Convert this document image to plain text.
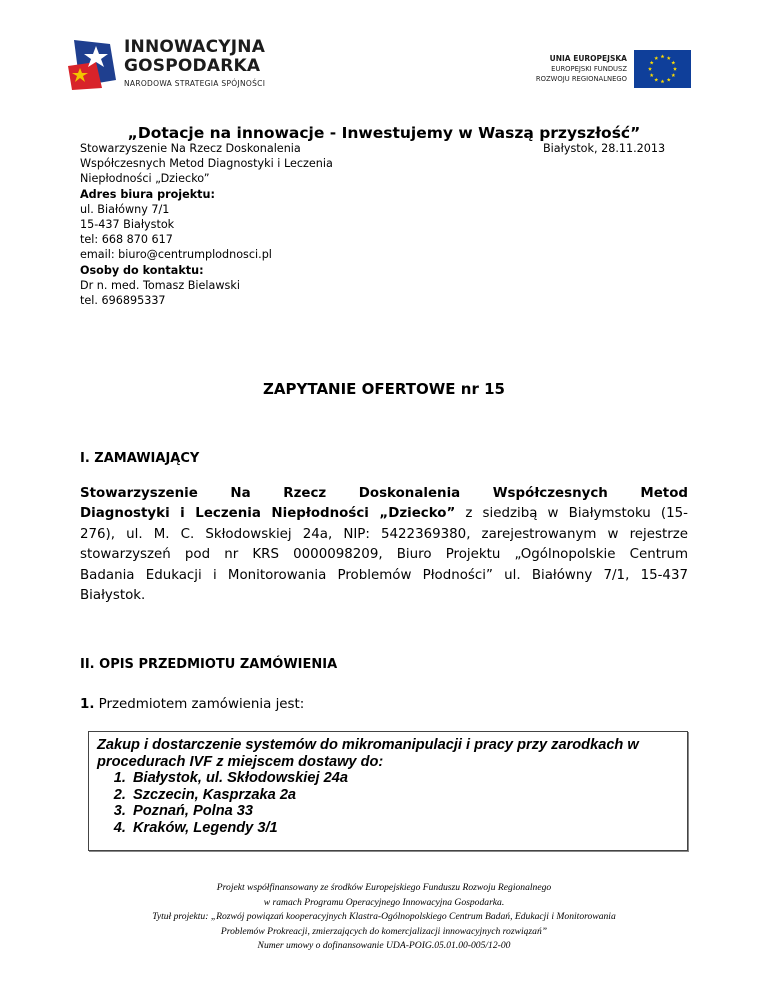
INNOWACYJNA
GOSPODARKA
NARODOWA STRATEGIA SPÓJNOŚCI
UNIA EUROPEJSKA
EUROPEJSKI FUNDUSZ
ROZWOJU REGIONALNEGO
„Dotacje na innowacje - Inwestujemy w Waszą przyszłość”
Stowarzyszenie Na Rzecz Doskonalenia
Współczesnych Metod Diagnostyki i Leczenia
Niepłodności „Dziecko”
Adres biura projektu:
ul. Białówny 7/1
15-437 Białystok
tel: 668 870 617
email: biuro@centrumplodnosci.pl
Osoby do kontaktu:
Dr n. med. Tomasz Bielawski
tel. 696895337
Białystok, 28.11.2013
ZAPYTANIE OFERTOWE nr 15
I. ZAMAWIAJĄCY

Stowarzyszenie Na Rzecz Doskonalenia Współczesnych Metod
Diagnostyki i Leczenia Niepłodności „Dziecko” z siedzibą w Białymstoku (15-
276), ul. M. C. Skłodowskiej 24a, NIP: 5422369380, zarejestrowanym w rejestrze
stowarzyszeń pod nr KRS 0000098209, Biuro Projektu „Ogólnopolskie Centrum
Badania Edukacji i Monitorowania Problemów Płodności” ul. Białówny 7/1, 15-437
Białystok.

II. OPIS PRZEDMIOTU ZAMÓWIENIA

1. Przedmiotem zamówienia jest:

Zakup i dostarczenie systemów do mikromanipulacji i pracy przy zarodkach w
procedurach IVF z miejscem dostawy do:
1. Białystok, ul. Skłodowskiej 24a
2. Szczecin, Kasprzaka 2a
3. Poznań, Polna 33
4. Kraków, Legendy 3/1
Projekt współfinansowany ze środków Europejskiego Funduszu Rozwoju Regionalnego
w ramach Programu Operacyjnego Innowacyjna Gospodarka.
Tytuł projektu: „Rozwój powiązań kooperacyjnych Klastra-Ogólnopolskiego Centrum Badań, Edukacji i Monitorowania
Problemów Prokreacji, zmierzających do komercjalizacji innowacyjnych rozwiązań”
Numer umowy o dofinansowanie UDA-POIG.05.01.00-005/12-00
